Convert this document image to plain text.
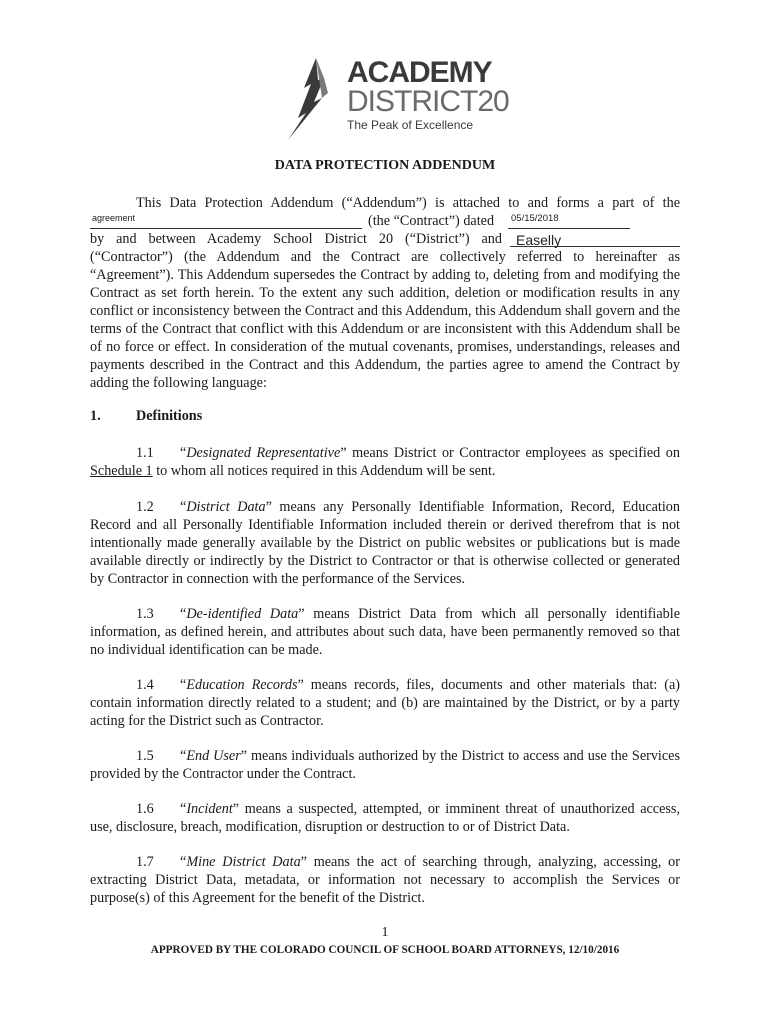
ACADEMY
DISTRICT20
The Peak of Excellence
DATA PROTECTION ADDENDUM
This Data Protection Addendum (“Addendum”) is attached to and forms a part of the
agreement	(the “Contract”) dated	05/15/2018
by and between Academy School District 20 (“District”) and Easelly
(“Contractor”) (the Addendum and the Contract are collectively referred to hereinafter as “Agreement”). This Addendum supersedes the Contract by adding to, deleting from and modifying the Contract as set forth herein. To the extent any such addition, deletion or modification results in any conflict or inconsistency between the Contract and this Addendum, this Addendum shall govern and the terms of the Contract that conflict with this Addendum or are inconsistent with this Addendum shall be of no force or effect. In consideration of the mutual covenants, promises, understandings, releases and payments described in the Contract and this Addendum, the parties agree to amend the Contract by adding the following language:
1. Definitions
1.1 “Designated Representative” means District or Contractor employees as specified on Schedule 1 to whom all notices required in this Addendum will be sent.
1.2 “District Data” means any Personally Identifiable Information, Record, Education Record and all Personally Identifiable Information included therein or derived therefrom that is not intentionally made generally available by the District on public websites or publications but is made available directly or indirectly by the District to Contractor or that is otherwise collected or generated by Contractor in connection with the performance of the Services.
1.3 “De-identified Data” means District Data from which all personally identifiable information, as defined herein, and attributes about such data, have been permanently removed so that no individual identification can be made.
1.4 “Education Records” means records, files, documents and other materials that: (a) contain information directly related to a student; and (b) are maintained by the District, or by a party acting for the District such as Contractor.
1.5 “End User” means individuals authorized by the District to access and use the Services provided by the Contractor under the Contract.
1.6 “Incident” means a suspected, attempted, or imminent threat of unauthorized access, use, disclosure, breach, modification, disruption or destruction to or of District Data.
1.7 “Mine District Data” means the act of searching through, analyzing, accessing, or extracting District Data, metadata, or information not necessary to accomplish the Services or purpose(s) of this Agreement for the benefit of the District.
1
APPROVED BY THE COLORADO COUNCIL OF SCHOOL BOARD ATTORNEYS, 12/10/2016
